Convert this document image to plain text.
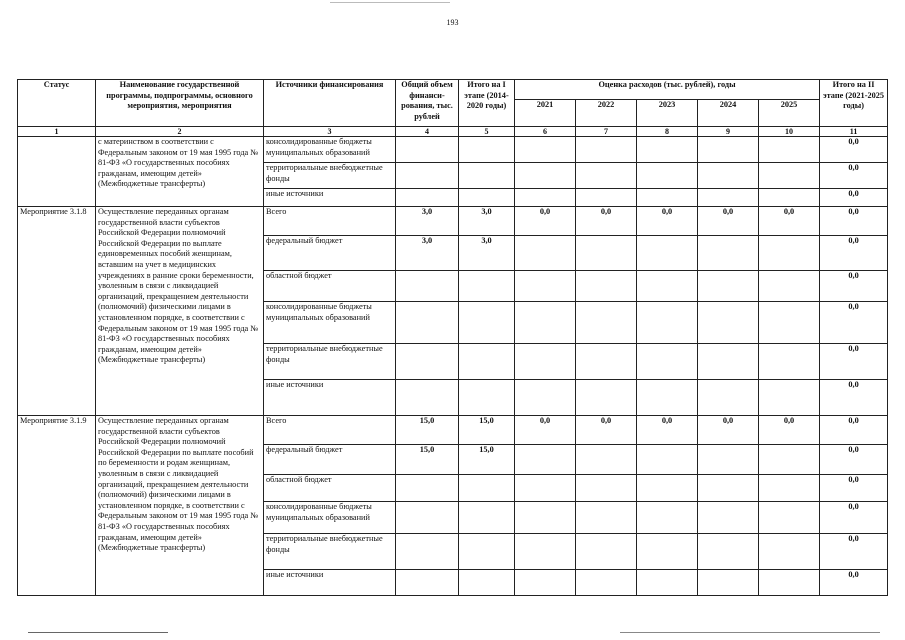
193
Статус	Наименование государственной программы, подпрограммы, основного мероприятия, мероприятия	Источники финансирования	Общий объем финанси-рования, тыс. рублей	Итого на I этапе (2014-2020 годы)	Оценка расходов (тыс. рублей), годы					Итого на II этапе (2021-2025 годы)
					2021	2022	2023	2024	2025	
1	2	3	4	5	6	7	8	9	10	11
	с материнством в соответствии с Федеральным законом от 19 мая 1995 года № 81-ФЗ «О государственных пособиях гражданам, имеющим детей» (Межбюджетные трансферты)	консолидированные бюджеты муниципальных образований								0,0
		территориальные внебюджетные фонды								0,0
		иные источники								0,0
Мероприятие 3.1.8	Осуществление переданных органам государственной власти субъектов Российской Федерации полномочий Российской Федерации по выплате единовременных пособий женщинам, вставшим на учет в медицинских учреждениях в ранние сроки беременности, уволенным в связи с ликвидацией организаций, прекращением деятельности (полномочий) физическими лицами в установленном порядке, в соответствии с Федеральным законом от 19 мая 1995 года № 81-ФЗ «О государственных пособиях гражданам, имеющим детей» (Межбюджетные трансферты)	Всего	3,0	3,0	0,0	0,0	0,0	0,0	0,0	0,0
		федеральный бюджет	3,0	3,0						0,0
		областной бюджет								0,0
		консолидированные бюджеты муниципальных образований								0,0
		территориальные внебюджетные фонды								0,0
		иные источники								0,0
Мероприятие 3.1.9	Осуществление переданных органам государственной власти субъектов Российской Федерации полномочий Российской Федерации по выплате пособий по беременности и родам женщинам, уволенным в связи с ликвидацией организаций, прекращением деятельности (полномочий) физическими лицами в установленном порядке, в соответствии с Федеральным законом от 19 мая 1995 года № 81-ФЗ «О государственных пособиях гражданам, имеющим детей» (Межбюджетные трансферты)	Всего	15,0	15,0	0,0	0,0	0,0	0,0	0,0	0,0
		федеральный бюджет	15,0	15,0						0,0
		областной бюджет								0,0
		консолидированные бюджеты муниципальных образований								0,0
		территориальные внебюджетные фонды								0,0
		иные источники								0,0
